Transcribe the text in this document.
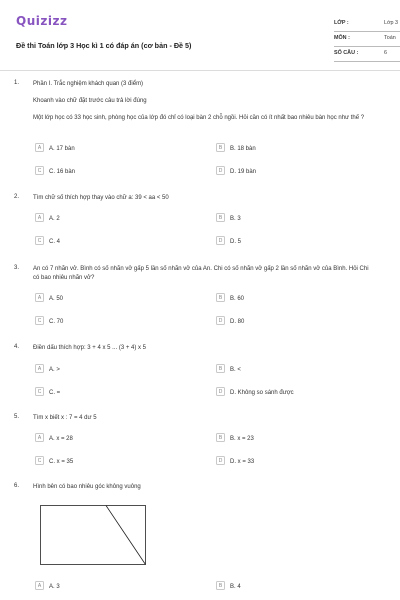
Quizizz
Đề thi Toán lớp 3 Học kì 1 có đáp án (cơ bản - Đề 5)
LỚP :	Lớp 3
MÔN :	Toán
SỐ CÂU :	6
1. Phần I. Trắc nghiệm khách quan (3 điểm)
Khoanh vào chữ đặt trước câu trả lời đúng
Một lớp học có 33 học sinh, phòng học của lớp đó chỉ có loại bàn 2 chỗ ngồi. Hỏi cần có ít nhất bao nhiêu bàn học như thế ?
A	A. 17 bàn	B	B. 18 bàn
C	C. 16 bàn	D	D. 19 bàn
2. Tìm chữ số thích hợp thay vào chữ a: 39 < aa < 50
A	A. 2	B	B. 3
C	C. 4	D	D. 5
3. An có 7 nhãn vở. Bình có số nhãn vở gấp 5 lần số nhãn vở của An. Chi có số nhãn vở gấp 2 lần số nhãn vở của Bình. Hỏi Chi có bao nhiêu nhãn vở?
A	A. 50	B	B. 60
C	C. 70	D	D. 80
4. Điền dấu thích hợp: 3 + 4 x 5 ... (3 + 4) x 5
A	A. >	B	B. <
C	C. =	D	D. Không so sánh được
5. Tìm x biết x : 7 = 4 dư 5
A	A. x = 28	B	B. x = 23
C	C. x = 35	D	D. x = 33
6. Hình bên có bao nhiêu góc không vuông
A	A. 3	B	B. 4
